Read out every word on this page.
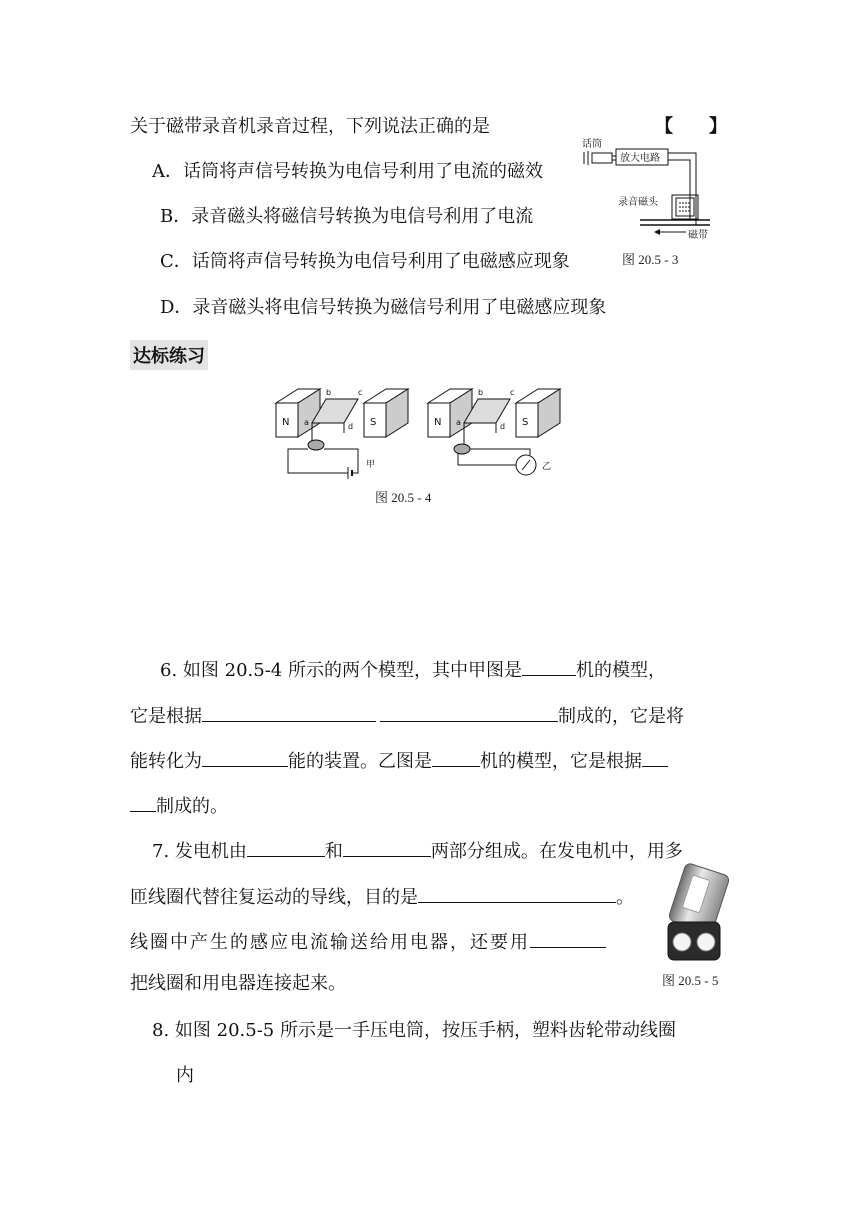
关于磁带录音机录音过程，下列说法正确的是	【　　】
A．话筒将声信号转换为电信号利用了电流的磁效
B．录音磁头将磁信号转换为电信号利用了电流
C．话筒将声信号转换为电信号利用了电磁感应现象
D．录音磁头将电信号转换为磁信号利用了电磁感应现象
话筒
放大电路
录音磁头
磁带
图 20.5 - 3
达标练习
N	S
a
b	c
d
甲
N	S
a
b	c
d
乙
图 20.5 - 4
6. 如图 20.5-4 所示的两个模型，其中甲图是	机的模型，
它是根据	制成的，它是将
能转化为	能的装置。乙图是	机的模型，它是根据
制成的。
7. 发电机由	和	两部分组成。在发电机中，用多
匝线圈代替往复运动的导线，目的是	。
线圈中产生的感应电流输送给用电器，还要用
把线圈和用电器连接起来。	图 20.5 - 5
8. 如图 20.5-5 所示是一手压电筒，按压手柄，塑料齿轮带动线圈
内
